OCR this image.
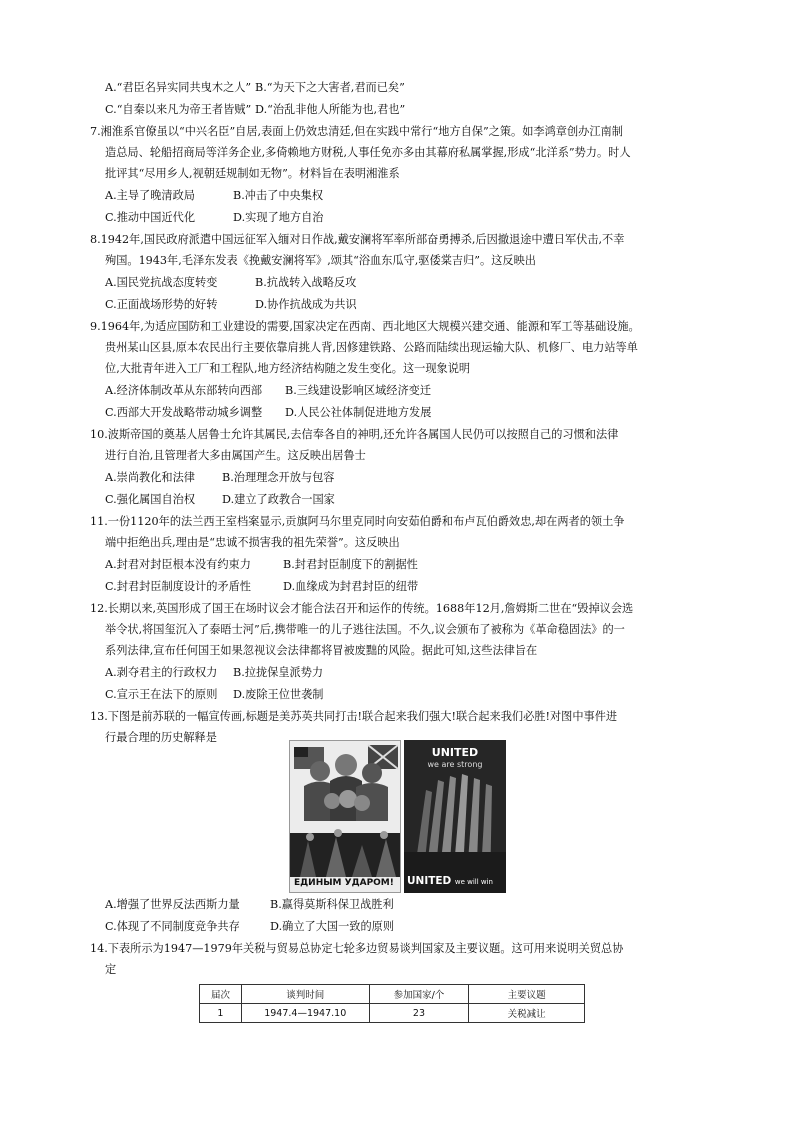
A.“君臣名异实同共曳木之人” B.“为天下之大害者,君而已矣”
C.“自秦以来凡为帝王者皆贼” D.“治乱非他人所能为也,君也”
7.湘淮系官僚虽以“中兴名臣”自居,表面上仍效忠清廷,但在实践中常行“地方自保”之策。如李鸿章创办江南制
造总局、轮船招商局等洋务企业,多倚赖地方财税,人事任免亦多由其幕府私属掌握,形成“北洋系”势力。时人
批评其“尽用乡人,视朝廷规制如无物”。材料旨在表明湘淮系
A.主导了晚清政局	B.冲击了中央集权
C.推动中国近代化	D.实现了地方自治
8.1942年,国民政府派遣中国远征军入缅对日作战,戴安澜将军率所部奋勇搏杀,后因撤退途中遭日军伏击,不幸
殉国。1943年,毛泽东发表《挽戴安澜将军》,颂其“浴血东瓜守,驱倭棠吉归”。这反映出
A.国民党抗战态度转变	B.抗战转入战略反攻
C.正面战场形势的好转	D.协作抗战成为共识
9.1964年,为适应国防和工业建设的需要,国家决定在西南、西北地区大规模兴建交通、能源和军工等基础设施。
贵州某山区县,原本农民出行主要依靠肩挑人背,因修建铁路、公路而陆续出现运输大队、机修厂、电力站等单
位,大批青年进入工厂和工程队,地方经济结构随之发生变化。这一现象说明
A.经济体制改革从东部转向西部 B.三线建设影响区域经济变迁
C.西部大开发战略带动城乡调整 D.人民公社体制促进地方发展
10.波斯帝国的奠基人居鲁士允许其属民,去信奉各自的神明,还允许各属国人民仍可以按照自己的习惯和法律
进行自治,且管理者大多由属国产生。这反映出居鲁士
A.崇尚教化和法律 B.治理理念开放与包容
C.强化属国自治权 D.建立了政教合一国家
11.一份1120年的法兰西王室档案显示,贡旗阿马尔里克同时向安茹伯爵和布卢瓦伯爵效忠,却在两者的领土争
端中拒绝出兵,理由是“忠诚不损害我的祖先荣誉”。这反映出
A.封君对封臣根本没有约束力	B.封君封臣制度下的割据性
C.封君封臣制度设计的矛盾性	D.血缘成为封君封臣的纽带
12.长期以来,英国形成了国王在场时议会才能合法召开和运作的传统。1688年12月,詹姆斯二世在“毁掉议会选
举令状,将国玺沉入了泰晤士河”后,携带唯一的儿子逃往法国。不久,议会颁布了被称为《革命稳固法》的一
系列法律,宣布任何国王如果忽视议会法律都将冒被废黜的风险。据此可知,这些法律旨在
A.剥夺君主的行政权力 B.拉拢保皇派势力
C.宣示王在法下的原则 D.废除王位世袭制
13.下图是前苏联的一幅宣传画,标题是美苏英共同打击!联合起来我们强大!联合起来我们必胜!对图中事件进
行最合理的历史解释是
ЕДИНЫМ УДАРОМ!
UNITED
we are strong
UNITED we will win
A.增强了世界反法西斯力量	B.赢得莫斯科保卫战胜利
C.体现了不同制度竞争共存	D.确立了大国一致的原则
14.下表所示为1947—1979年关税与贸易总协定七轮多边贸易谈判国家及主要议题。这可用来说明关贸总协
定
届次	谈判时间	参加国家/个	主要议题
1	1947.4—1947.10	23	关税减让
